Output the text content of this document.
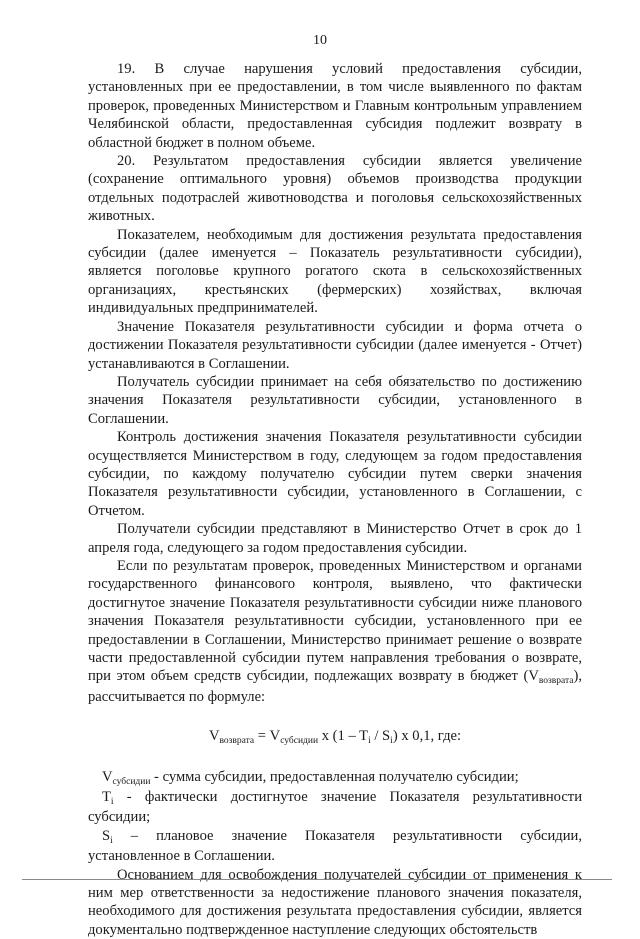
10

19. В случае нарушения условий предоставления субсидии, установленных при ее предоставлении, в том числе выявленного по фактам проверок, проведенных Министерством и Главным контрольным управлением Челябинской области, предоставленная субсидия подлежит возврату в областной бюджет в полном объеме.

20. Результатом предоставления субсидии является увеличение (сохранение оптимального уровня) объемов производства продукции отдельных подотраслей животноводства и поголовья сельскохозяйственных животных.

Показателем, необходимым для достижения результата предоставления субсидии (далее именуется – Показатель результативности субсидии), является поголовье крупного рогатого скота в сельскохозяйственных организациях, крестьянских (фермерских) хозяйствах, включая индивидуальных предпринимателей.

Значение Показателя результативности субсидии и форма отчета о достижении Показателя результативности субсидии (далее именуется - Отчет) устанавливаются в Соглашении.

Получатель субсидии принимает на себя обязательство по достижению значения Показателя результативности субсидии, установленного в Соглашении.

Контроль достижения значения Показателя результативности субсидии осуществляется Министерством в году, следующем за годом предоставления субсидии, по каждому получателю субсидии путем сверки значения Показателя результативности субсидии, установленного в Соглашении, с Отчетом.

Получатели субсидии представляют в Министерство Отчет в срок до 1 апреля года, следующего за годом предоставления субсидии.

Если по результатам проверок, проведенных Министерством и органами государственного финансового контроля, выявлено, что фактически достигнутое значение Показателя результативности субсидии ниже планового значения Показателя результативности субсидии, установленного при ее предоставлении в Соглашении, Министерство принимает решение о возврате части предоставленной субсидии путем направления требования о возврате, при этом объем средств субсидии, подлежащих возврату в бюджет $(V_{возврата})$, рассчитывается по формуле:

$V_{возврата} = V_{субсидии}$ x $(1 - T_i / S_i)$ x 0,1, где:

$V_{субсидии}$ - сумма субсидии, предоставленная получателю субсидии;

$T_i$ - фактически достигнутое значение Показателя результативности субсидии;

$S_i$ – плановое значение Показателя результативности субсидии, установленное в Соглашении.

Основанием для освобождения получателей субсидии от применения к ним мер ответственности за недостижение планового значения показателя, необходимого для достижения результата предоставления субсидии, является документально подтвержденное наступление следующих обстоятельств
